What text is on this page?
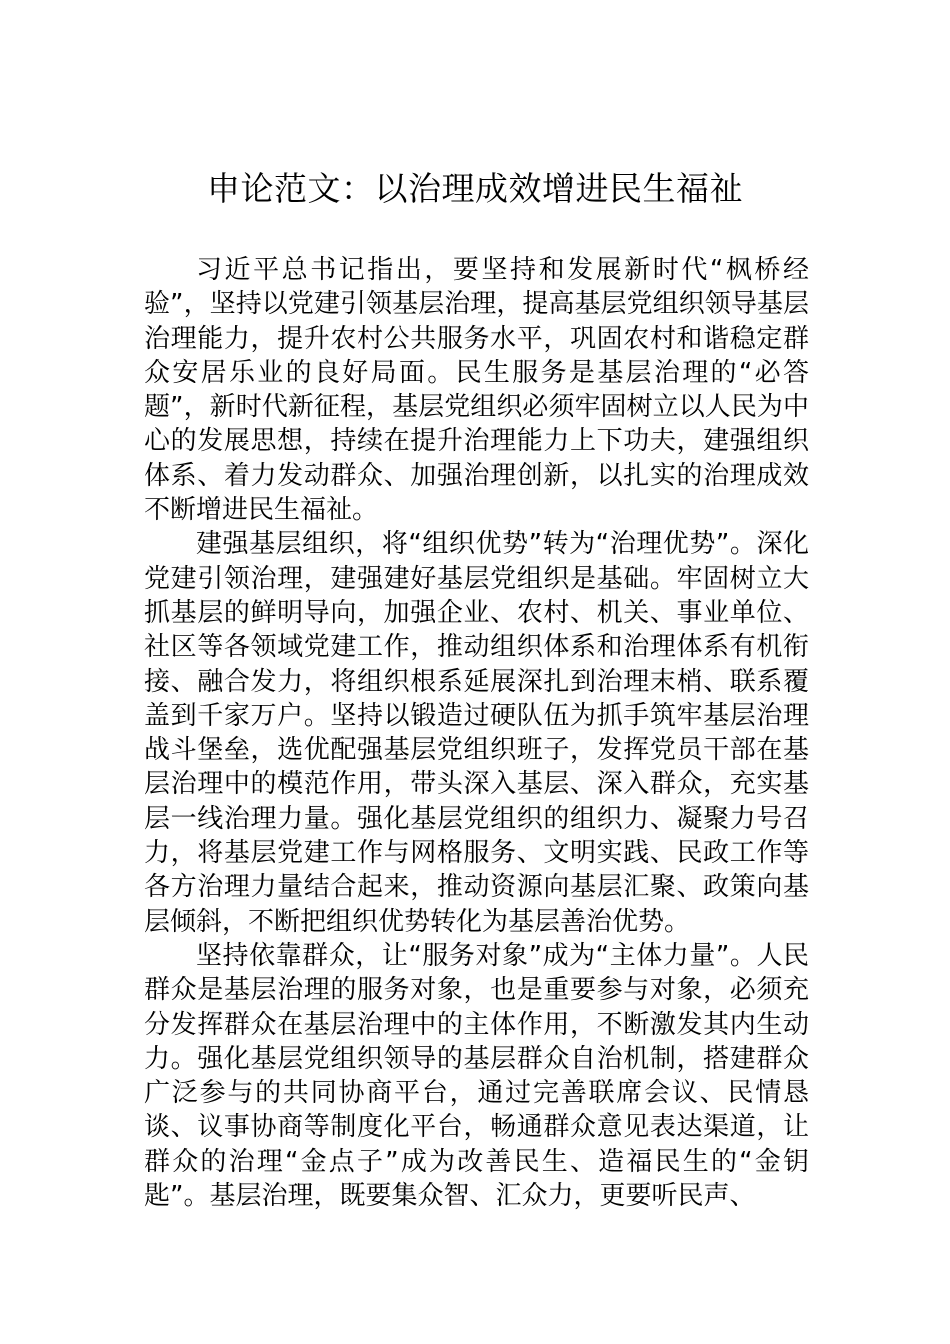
申论范文：以治理成效增进民生福祉

习近平总书记指出，要坚持和发展新时代“枫桥经验”，坚持以党建引领基层治理，提高基层党组织领导基层治理能力，提升农村公共服务水平，巩固农村和谐稳定群众安居乐业的良好局面。民生服务是基层治理的“必答题”，新时代新征程，基层党组织必须牢固树立以人民为中心的发展思想，持续在提升治理能力上下功夫，建强组织体系、着力发动群众、加强治理创新，以扎实的治理成效不断增进民生福祉。

建强基层组织，将“组织优势”转为“治理优势”。深化党建引领治理，建强建好基层党组织是基础。牢固树立大抓基层的鲜明导向，加强企业、农村、机关、事业单位、社区等各领域党建工作，推动组织体系和治理体系有机衔接、融合发力，将组织根系延展深扎到治理末梢、联系覆盖到千家万户。坚持以锻造过硬队伍为抓手筑牢基层治理战斗堡垒，选优配强基层党组织班子，发挥党员干部在基层治理中的模范作用，带头深入基层、深入群众，充实基层一线治理力量。强化基层党组织的组织力、凝聚力号召力，将基层党建工作与网格服务、文明实践、民政工作等各方治理力量结合起来，推动资源向基层汇聚、政策向基层倾斜，不断把组织优势转化为基层善治优势。

坚持依靠群众，让“服务对象”成为“主体力量”。人民群众是基层治理的服务对象，也是重要参与对象，必须充分发挥群众在基层治理中的主体作用，不断激发其内生动力。强化基层党组织领导的基层群众自治机制，搭建群众广泛参与的共同协商平台，通过完善联席会议、民情恳谈、议事协商等制度化平台，畅通群众意见表达渠道，让群众的治理“金点子”成为改善民生、造福民生的“金钥匙”。基层治理，既要集众智、汇众力，更要听民声、
